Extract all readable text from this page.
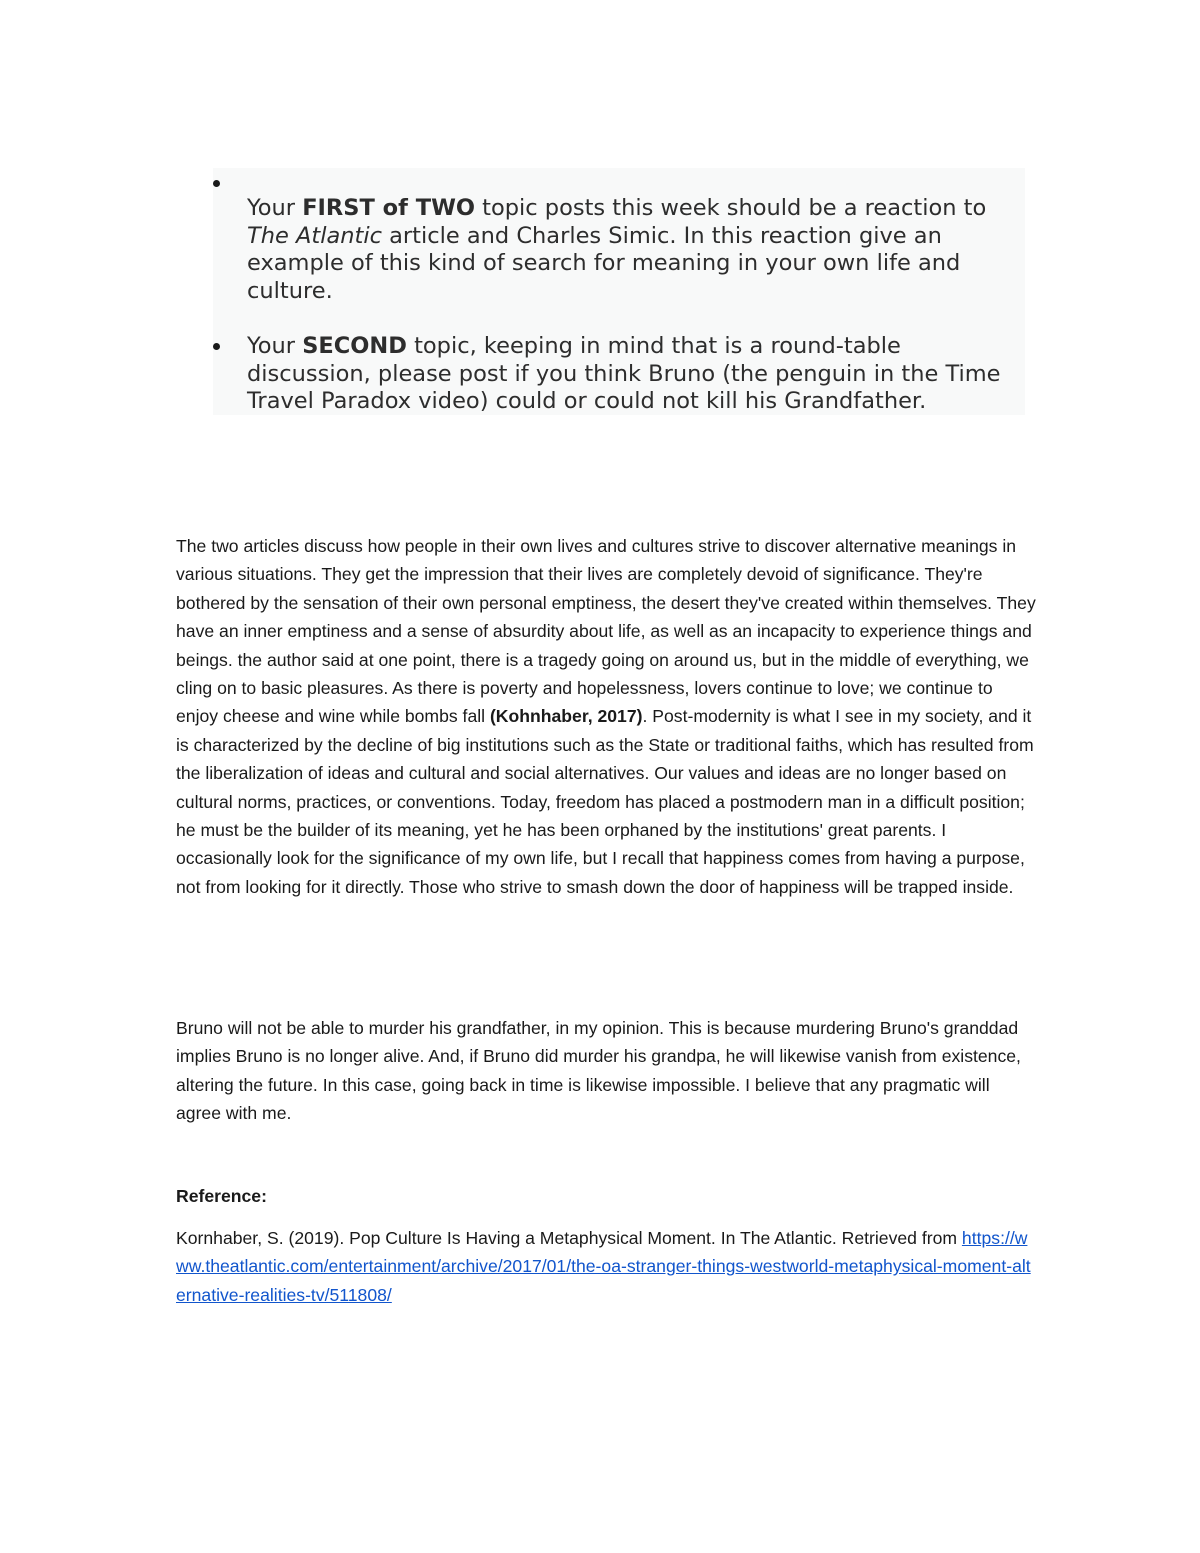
Your FIRST of TWO topic posts this week should be a reaction to The Atlantic article and Charles Simic. In this reaction give an example of this kind of search for meaning in your own life and culture.
Your SECOND topic, keeping in mind that is a round-table discussion, please post if you think Bruno (the penguin in the Time Travel Paradox video) could or could not kill his Grandfather.

The two articles discuss how people in their own lives and cultures strive to discover alternative meanings in various situations. They get the impression that their lives are completely devoid of significance. They're bothered by the sensation of their own personal emptiness, the desert they've created within themselves. They have an inner emptiness and a sense of absurdity about life, as well as an incapacity to experience things and beings. the author said at one point, there is a tragedy going on around us, but in the middle of everything, we cling on to basic pleasures. As there is poverty and hopelessness, lovers continue to love; we continue to enjoy cheese and wine while bombs fall (Kohnhaber, 2017). Post-modernity is what I see in my society, and it is characterized by the decline of big institutions such as the State or traditional faiths, which has resulted from the liberalization of ideas and cultural and social alternatives. Our values and ideas are no longer based on cultural norms, practices, or conventions. Today, freedom has placed a postmodern man in a difficult position; he must be the builder of its meaning, yet he has been orphaned by the institutions' great parents. I occasionally look for the significance of my own life, but I recall that happiness comes from having a purpose, not from looking for it directly. Those who strive to smash down the door of happiness will be trapped inside.

Bruno will not be able to murder his grandfather, in my opinion. This is because murdering Bruno's granddad implies Bruno is no longer alive. And, if Bruno did murder his grandpa, he will likewise vanish from existence, altering the future. In this case, going back in time is likewise impossible. I believe that any pragmatic will agree with me.

Reference:

Kornhaber, S. (2019). Pop Culture Is Having a Metaphysical Moment. In The Atlantic. Retrieved from https://www.theatlantic.com/entertainment/archive/2017/01/the-oa-stranger-things-westworld-metaphysical-moment-alternative-realities-tv/511808/
